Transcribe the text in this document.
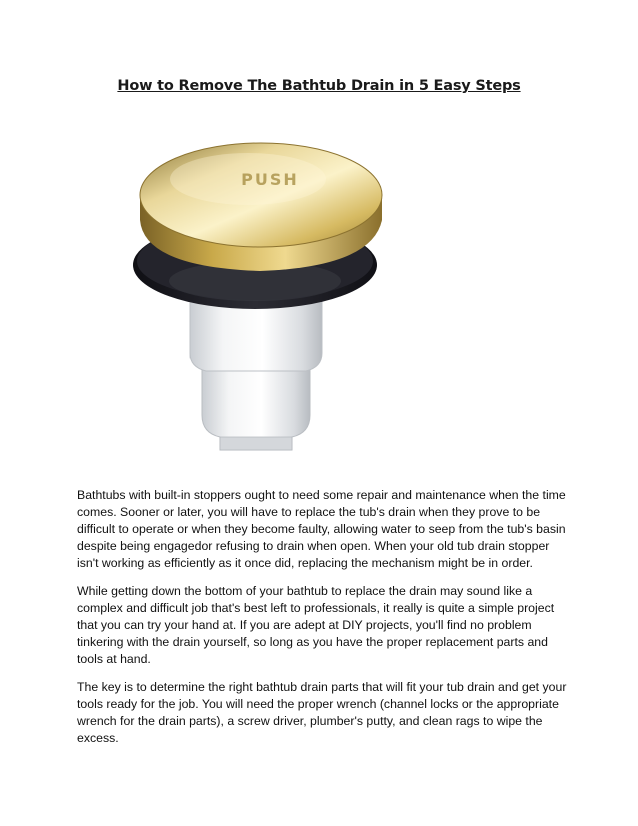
How to Remove The Bathtub Drain in 5 Easy Steps
PUSH

Bathtubs with built-in stoppers ought to need some repair and maintenance when the time comes. Sooner or later, you will have to replace the tub's drain when they prove to be difficult to operate or when they become faulty, allowing water to seep from the tub's basin despite being engagedor refusing to drain when open. When your old tub drain stopper isn't working as efficiently as it once did, replacing the mechanism might be in order.

While getting down the bottom of your bathtub to replace the drain may sound like a complex and difficult job that's best left to professionals, it really is quite a simple project that you can try your hand at. If you are adept at DIY projects, you'll find no problem tinkering with the drain yourself, so long as you have the proper replacement parts and tools at hand.

The key is to determine the right bathtub drain parts that will fit your tub drain and get your tools ready for the job. You will need the proper wrench (channel locks or the appropriate wrench for the drain parts), a screw driver, plumber's putty, and clean rags to wipe the excess.
